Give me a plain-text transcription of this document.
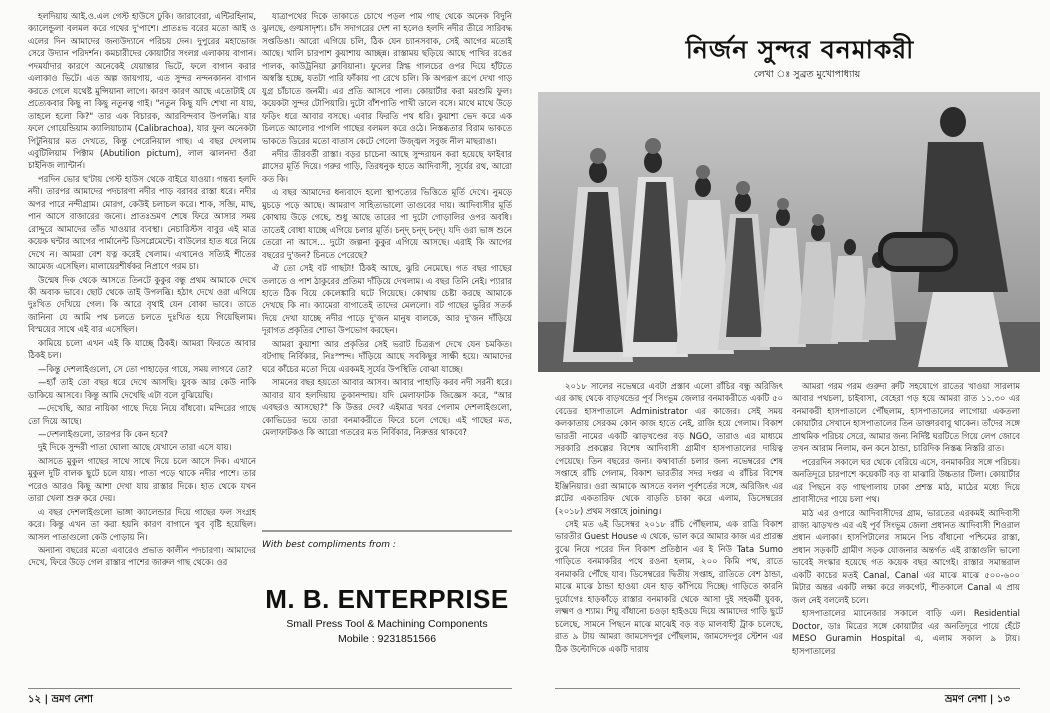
হলদিয়ায় আই.ও.এল গেস্ট হাউসে ঢুকি। জারাবেরা, এন্টিরহিনাম, ক্যালেন্ডুলা বলমল করে গথের দু'পাশে। প্রাতঃভ বরের মতো আই ও এলের দিন আমাদের জন্যউদ্যানে পরিচয় দেন। দুপুরের মহাভোজ সেরে উদ্যান পরিদর্শন। কমচারীদের কোয়ার্টার সংলগ্ন এলাকায় বাগান। পদমর্যাদার কারণে অনেকেই যেয়ান্তার ভিটে, ফলে বাগান করার এলাকাও ভিটে। এত অল্প জায়গায়, এত সুন্দর নন্দনকানন বাগান করতে গেলে যথেষ্ট মুন্সিয়ানা লাগে। কারণ কারণ আছে এতোটাই যে প্রত্যেকবার কিছু না কিছু নতুনত্ব গাই। "নতুন কিছু যদি শেখা না যায়, তাহলে হলো কি?" তার এক বিচারক, আরবিন্দবাব উপলব্ধি। যার ফলে গোয়েন্ডিয়াম ক্যালিয়াচ্যাম (Calibrachoa), যার ফুল অনেকটা পিটুনিয়ার মত দেখতে, কিন্তু পেরেনিয়াল গাছ। এ বছর দেখলাম এবুটিলিয়াম পিক্টাম (Abutilion pictum), লাল ঝালনদা ওঁরা চাইনিজ ল্যান্টার্ন।

পরদিন ভোর ছ'টায় গেস্ট হাউস থেকে বাইরে যাওয়া। গন্তব্য হলদি নদী। তারপর আমাদের পদচারণা নদীর পাড় বরাবর রাস্তা ধরে। নদীর অপর পারে নন্দীগ্রাম। মোরগ, কেউই চলাচল করে। শাক, সব্জি, মাছ, পান আসে বাজারের জন্যে। প্রাতঃভ্রমণ শেষে ফিরে আসার সময় রোদ্দুরে আমাদের তাঁত খাওয়ার ব্যবস্থা। নেচারিস্টস বাবুর এই মাত্র কয়েক ঘন্টার আগের পার্মানেন্ট ডিসপ্লেমেন্টে। বাউলের হাত ধরে নিয়ে দেখে ন। আমরা বেশ যত্ন করেই খেলাম। এখানেও সত্যিই শীতের আমেজ এসেছিল। মালায়েরশীর্ষকর নিপ্রাণে গরম চা।

উন্মেষ দিক থেকে আসতে তিনটে কুকুর বন্ধু প্রথম আমাকে দেখে কী অবাক ভাবে। ছোট থেকে তাই উপলব্ধি। হঠাৎ দেখে ওরা এগিয়ে দুঃখিত দেখিয়ে গেল। কি আরে বৃথাই যেন বোকা ভাবে। তাতে জানিনা যে আমি পথ চলতে চলতে দুঃখিত হয়ে গিয়েছিলাম। বিস্ময়ের সাথে এই বার এসেছিল।

কামিয়ে চলো এখন এই কি যাচ্ছে ঠিকই। আমরা ফিরতে আবার ঠিকই চল।

—কিন্তু দেশলাইগুলো, সে তো পাহাড়ের গায়ে, সময় লাগবে তো?

—হ্যাঁ তাই তো বছর ধরে দেখে আসছি। যুবক আর কেউ নাকি ডাকিয়ে আসবে। কিন্তু আমি দেখেছি এটা বলে বুঝিয়েছি।

—দেখেছি, আর নায়িকা গাছে দিয়ে নিয়ে বাঁধবো। মন্দিরের গাছে তো দিয়ে আছে।

—দেশলাইগুলো, তারপর কি কেন হবে?

দুই দিকে সুন্দরী পাতা ঘোলা আছে যেখানে তারা এসে যায়।

আসতে মুকুল গাছের সাথে সাথে দিয়ে চলে আসে দিক। এখানে মুকুল দুটি বালক ছুটে চলে যায়। পাতা পড়ে থাকে নদীর পাশে। তার পরেও আরও কিছু আশা দেখা যায় রাস্তার দিকে। হাত থেকে যখন তারা খেলা শুরু করে দেয়।

এ বছর দেশলাইগুলো ভাঙ্গা ক্যালেন্ডার দিয়ে গাছের ফল সংগ্রহ করে। কিন্তু এখন তা করা হয়নি কারণ বাগানে খুব বৃষ্টি হয়েছিল। আসল পাতাগুলো কেউ পোড়ায় নি।

অন্যান্য বছরের মতো এবারেও প্রভাত কালীন পদচারণা। আমাদের দেখে, ফিরে উড়ে গেল রাস্তার পাশের জারুল গাছ থেকে। ওর

যাত্রাপথের দিকে তাকাতে চোখে পড়ল পাম গাছ থেকে অনেক বিদুনি ঝুলছে, গুল্মসাদৃশ্য। চাঁদ সদাগরের দেশ না হলেও হলদি নদীর তীরে সারিবদ্ধ সপ্তডিঙা। আরো এগিয়ে চলি, ঠিক যেন চ্যানসবাক, সেই আগের মতোই আছে। খালি চারপাশ কুয়াশায় আচ্ছন্ন। রাস্তাময় ছড়িয়ে আছে পাখির রঙের পালক, কাউট্রনিয়া ক্লাবিয়ানা। ফুলের স্নিগ্ধ গালচের ওপর দিয়ে হাঁটতে অস্বস্তি হচ্ছে, যতটা পারি ফাঁকায় পা রেখে চলি। কি অপরূপ রূপে দেখা গাড় যুগ্র চাঁচাতে জনমী। এর প্রতি আসবে পাল। কোয়ার্টার করা মরশুমি ফুল। কয়েকটা সুন্দর টোপিয়ারি। দুটো বাঁশপাতি পাখী ডালে বসে। মাথে মাথে উড়ে ফড়িং ধরে আবার বসছে। এবার ফিরতি পথ ধরি। কুয়াশা ভেদ করে এক চিলতে আলোর পাগলি গাছের বলমল করে ওঠে। নিস্তব্ধতার বিরাম ভাকতে ভাকতে ডিরের মতো বাতাস কেটে গেলো উজ্জ্বল সবুজ নীল মাছরাঙা।

নদীর তীরবর্তী রাস্তা। বড়র চাচেনা আছে সুন্দরায়ন করা হয়েছে ফাইবার গ্লাসের মূর্তি দিয়ে। গরুর গাড়ি, তিরধনুক হাতে আদিবাসী, সূর্যের রথ, আরো কত কি।

এ বছর আমাদের ধন্যবাদে হলো স্থাপত্যের ভিত্তিতে মূর্তি দেখে। নুমড়ে মুচড়ে পড়ে আছে। আমরাণ সাহিত্যভালো তাগুবের দায়। আদিবাসীর মূর্তি কোথায় উড়ে গেছে, শুধু আছে তারের পা দুটো গোড়ালির ওপর অবধি। তাতেই বোধা যাচ্ছে এগিয়ে চলার মূর্তি। চন্দ্ চন্দ্ চন্দ্। যদি ওরা ভাঙ্গ শুনে তেরো না আসে… দুটো জল্পনা কুকুর এগিয়ে আসছে। এরাই কি আগের বছরের দু'জন? চিনতে পেরেছে?

ঐ তো সেই বট গাছটা! ঠিকই আছে, ঝুরি নেমেছে। গত বছর গাছের তলাতে ও পাশ ঠাকুরের প্রতিমা দাঁড়িয়ে দেখলাম। এ বছর তিনি নেই। প্যারার হাতে ঠিক বিয়ে কেলেঙ্কারি ঘটে গিয়েছে। কোথায় চেষ্টা করছে আমাকে দেখছে কি না। ক্যামেরা বাগাতেই তাদের মেললো। বট গাছের ভুরির সতর্ক দিয়ে দেখা যাচ্ছে নদীর পাড়ে দু'জন মানুষ বালকে, আর দু'জন দাঁড়িয়ে দূরাগত প্রকৃতির শোভা উপভোগ করছেন।

আমরা কুয়াশা আর প্রকৃতির সেই ভরাট চিত্ররূপ দেখে যেন চমকিত। বটগাছ নির্বিকার, নিঃস্পন্দ। দাঁড়িয়ে আছে সবকিছুর সাক্ষী হয়ে। আমাদের ঘরে কাঁচের মতো দিয়ে এরকমই সূর্যের উপস্থিতি বোঝা যাচ্ছে।

সামনের বছর হয়তো আবার আসব। আবার পাহাড়ি করব নদী সরনী ধরে। আবার যাব হলদিয়ায় তুকানন্দায়। যদি মেলাফাটক জিজ্ঞেস করে, "আর এবছরও আসছো?" কি উত্তর দেব? এইমাত্র খবর পেলাম দেশলাইগুলো, কোভিডের ভয়ে তারা বনমাকরীতে ফিরে চলে গেছে। এই গাছের মত, মেলাফাটকও কি আরো গতরের মত নির্বিকার, নিরুত্তর থাকবে?

With best compliments from :
M. B. ENTERPRISE
Small Press Tool & Machining Components
Mobile : 9231851566
নির্জন সুন্দর বনমাকরী
লেখা ঃ সুব্রত মুখোপাধ্যায়

২০১৮ সালের নভেম্বরে এবটা প্রস্তাব এলো রাঁচির বন্ধু অরিজিৎ এর কাছ থেকে বাড়খন্ডের পূর্ব সিংভূম জেলার বনমাকরীতে একটি ৫০ বেডের হাসপাতালে Administrator এর কাজের। সেই সময় কলকাতায় সেরকম কোন কাজ হাতে নেই, রাজি হয়ে গেলাম। বিকাশ ভারতী নামের একটি ঝাড়খণ্ডের বড় NGO, তারাও এর মাধ্যমে সরকারি প্রকল্পের বিশেষ আদিবাসী গ্রামীণ হাসপাতালের দায়িত্ব পেয়েছে। তিন বছরের জন্য। কথাবার্তা চলার জন্য নভেম্বরের শেষ সপ্তাহে রাঁচি গেলাম, বিকাশ ভারতীর সদর দপ্তর এ রাঁচির বিশেষ ইঞ্জিনিয়ার। ওরা আমাকে আসতে বলল পূর্বশর্তের সঙ্গে, অরিজিৎ এর প্লটের একতারিফ থেকে বাড়তি চাকা করে এলাম, ডিসেম্বরের (২০১৮) প্রথম সপ্তাহে joining।

সেই মত ৬ই ডিসেম্বর ২০১৮ রাঁচি পৌঁছলাম, এক রাত্রি বিকাশ ভারতীর Guest House এ থেকে, ভাল করে আমার কাজ এর প্রারম্ভ বুঝে নিয়ে পরের দিন বিকাশ প্রতিষ্ঠান এর ই নিউ Tata Sumo গাড়িতে বনমাকরির পথে রওনা হলাম, ২০০ কিমি পথ, রাতে বনমাকরি পৌঁছে যাব। ডিসেম্বরের দ্বিতীয় সপ্তাহ, রাতিতে বেশ ঠান্ডা, মাঝে মাঝে ঠান্ডা হাওয়া যেন হাড় কাঁপিয়ে দিচ্ছে। গাড়িতে কারনি দুর্যোগেঃ হাড়কাঁড়ে রাস্তার বনমাকরি থেকে আসা দুই সহকর্মী যুবক, লক্ষ্মণ ও শ্যাম। শিয়ু বাঁধানো চওড়া হাইওয়ে দিয়ে আমাদের গাড়ি ছুটে চলেছে, সামনে পিছনে মাঝে মাঝেই বড় বড় মালবাহী ট্রাক চলেছে, রাত ৯ টায় আমরা জামসেদপুর পৌঁছলাম, জামসেদপুর স্টেশন এর ঠিক উল্টোদিকে একটি দারায়

আমরা গরম গরম গুরুদা রুটি সহযোগে রাতের খাওয়া সারলাম আবার পথচলা, চাইবাসা, বেহেরা গড় হয়ে আমরা রাত ১১.৩০ এর বনমাকরী হাসপাতালে পৌঁছলাম, হাসপাতালের লাগোয়া একতলা কোয়ার্টার সেখানে হাসপাতালের তিন ডাক্তারবাবু থাকেন। তাঁদের সঙ্গে প্রাথমিক পরিচয় সেরে, আমার জন্য নির্দিষ্ট ঘরটিতে গিয়ে লেপ জোবে তখন আরাম নিলাম, কন কনে ঠান্ডা, চারিদিক নিস্তব্ধ নিস্তরি রাত।

পরেরদিন সকালে ঘর থেকে বেরিয়ে এসে, বনমাকরির সঙ্গে পরিচয়। অনতিদূরে চারপাশে কয়েকটি বড় বা মাঝারি উচ্চতার টিলা। কোয়ার্টার এর পিছনে বড় গাছপালায় ঢাকা প্রশস্ত মাঠ, মাঠের মধ্যে দিয়ে প্রাবাসীদের পায়ে চলা পথ।

মাঠ এর ওপারে আদিবাসীদের গ্রাম, ভারতের এরকমই আদিবাসী রাজ্য ঝাড়খণ্ড এর এই পূর্ব সিংভূম জেলা প্রধানত আদিবাসী শিওরাল প্রধান এলাকা। হাসপিটালের সামনে পিচ বাঁধানো পশ্চিমের রাস্তা, প্রধান সড়কটি গ্রামীণ সড়ক যোজনার অন্তর্গত এই রাস্তাগুলি ভালো ভাবেই সংস্কার হয়েছে গত কয়েক বছর আগেই। রাস্তার সমান্তরাল একটি কাচের মতই Canal, Canal এর মাঝে মাঝে ৫০০-৬০০ মিটার অন্তর একটি লক্ষা করে লকগেট, শীতকালে Canal এ প্রায় জল নেই বললেই চলে।

হাসপাতালের ম্যানেজার সকালে বাড়ি এল। Residential Doctor, ডাঃ মিত্রের সঙ্গে কোয়ার্টার এর অনতিদূরে পায়ে হেঁটে MESO Guramin Hospital এ, এলাম সকাল ৯ টায়। হাসপাতালের

১২ | ভ্রমণ নেশা	ভ্রমণ নেশা | ১৩
